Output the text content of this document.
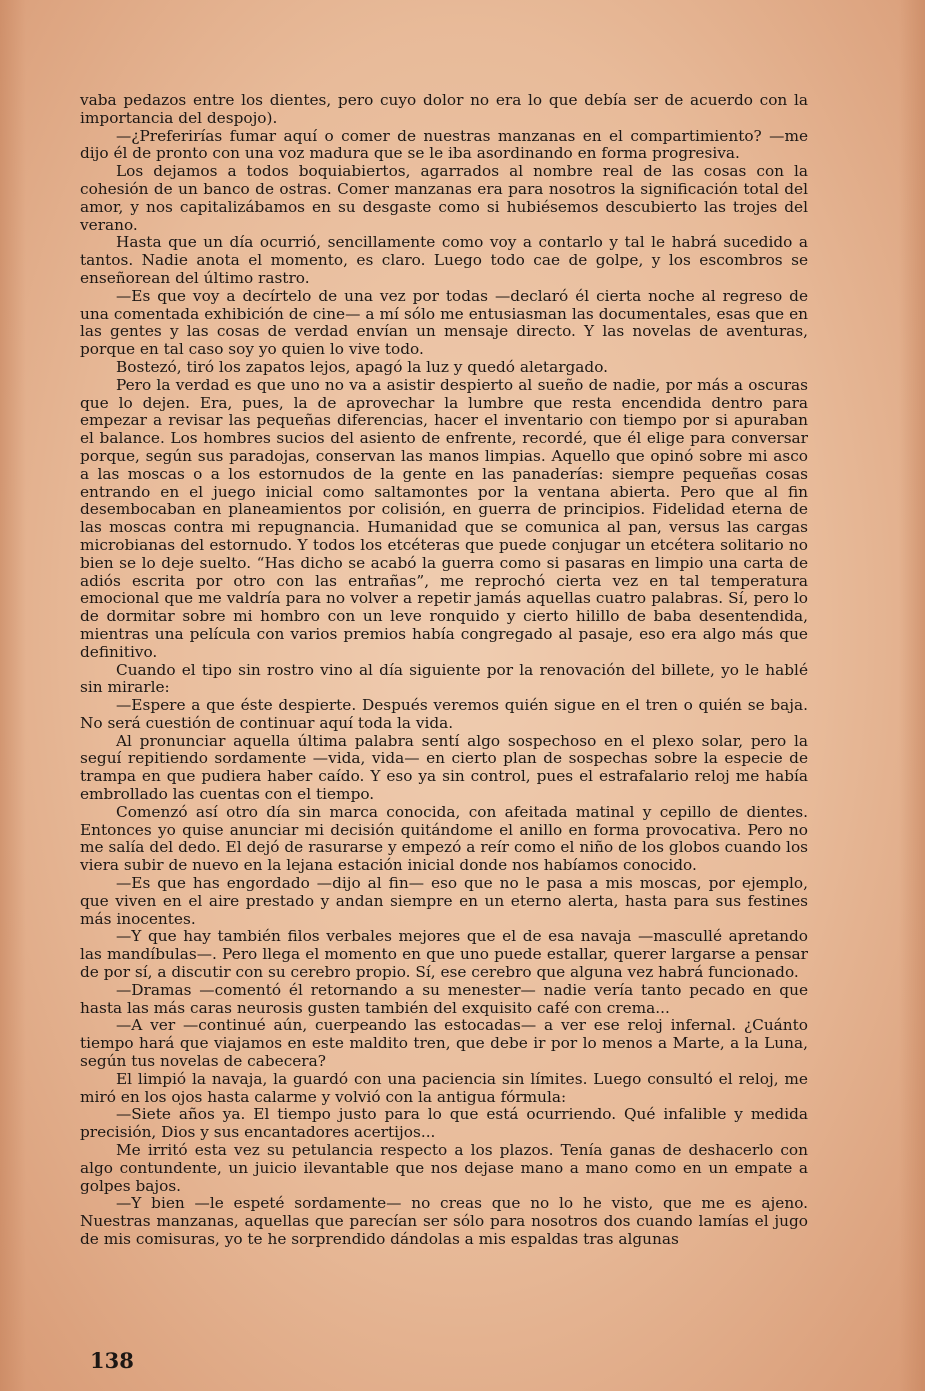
vaba pedazos entre los dientes, pero cuyo dolor no era lo que debía ser de acuerdo con la importancia del despojo).

—¿Preferirías fumar aquí o comer de nuestras manzanas en el compartimiento? —me dijo él de pronto con una voz madura que se le iba asordinando en forma progresiva.

Los dejamos a todos boquiabiertos, agarrados al nombre real de las cosas con la cohesión de un banco de ostras. Comer manzanas era para nosotros la significación total del amor, y nos capitalizábamos en su desgaste como si hubiésemos descubierto las trojes del verano.

Hasta que un día ocurrió, sencillamente como voy a contarlo y tal le habrá sucedido a tantos. Nadie anota el momento, es claro. Luego todo cae de golpe, y los escombros se enseñorean del último rastro.

—Es que voy a decírtelo de una vez por todas —declaró él cierta noche al regreso de una comentada exhibición de cine— a mí sólo me entusiasman las documentales, esas que en las gentes y las cosas de verdad envían un mensaje directo. Y las novelas de aventuras, porque en tal caso soy yo quien lo vive todo.

Bostezó, tiró los zapatos lejos, apagó la luz y quedó aletargado.

Pero la verdad es que uno no va a asistir despierto al sueño de nadie, por más a oscuras que lo dejen. Era, pues, la de aprovechar la lumbre que resta encendida dentro para empezar a revisar las pequeñas diferencias, hacer el inventario con tiempo por si apuraban el balance. Los hombres sucios del asiento de enfrente, recordé, que él elige para conversar porque, según sus paradojas, conservan las manos limpias. Aquello que opinó sobre mi asco a las moscas o a los estornudos de la gente en las panaderías: siempre pequeñas cosas entrando en el juego inicial como saltamontes por la ventana abierta. Pero que al fin desembocaban en planeamientos por colisión, en guerra de principios. Fidelidad eterna de las moscas contra mi repugnancia. Humanidad que se comunica al pan, versus las cargas microbianas del estornudo. Y todos los etcéteras que puede conjugar un etcétera solitario no bien se lo deje suelto. “Has dicho se acabó la guerra como si pasaras en limpio una carta de adiós escrita por otro con las entrañas”, me reprochó cierta vez en tal temperatura emocional que me valdría para no volver a repetir jamás aquellas cuatro palabras. Sí, pero lo de dormitar sobre mi hombro con un leve ronquido y cierto hilillo de baba desentendida, mientras una película con varios premios había congregado al pasaje, eso era algo más que definitivo.

Cuando el tipo sin rostro vino al día siguiente por la renovación del billete, yo le hablé sin mirarle:

—Espere a que éste despierte. Después veremos quién sigue en el tren o quién se baja. No será cuestión de continuar aquí toda la vida.

Al pronunciar aquella última palabra sentí algo sospechoso en el plexo solar, pero la seguí repitiendo sordamente —vida, vida— en cierto plan de sospechas sobre la especie de trampa en que pudiera haber caído. Y eso ya sin control, pues el estrafalario reloj me había embrollado las cuentas con el tiempo.

Comenzó así otro día sin marca conocida, con afeitada matinal y cepillo de dientes. Entonces yo quise anunciar mi decisión quitándome el anillo en forma provocativa. Pero no me salía del dedo. El dejó de rasurarse y empezó a reír como el niño de los globos cuando los viera subir de nuevo en la lejana estación inicial donde nos habíamos conocido.

—Es que has engordado —dijo al fin— eso que no le pasa a mis moscas, por ejemplo, que viven en el aire prestado y andan siempre en un eterno alerta, hasta para sus festines más inocentes.

—Y que hay también filos verbales mejores que el de esa navaja —mascullé apretando las mandíbulas—. Pero llega el momento en que uno puede estallar, querer largarse a pensar de por sí, a discutir con su cerebro propio. Sí, ese cerebro que alguna vez habrá funcionado.

—Dramas —comentó él retornando a su menester— nadie vería tanto pecado en que hasta las más caras neurosis gusten también del exquisito café con crema...

—A ver —continué aún, cuerpeando las estocadas— a ver ese reloj infernal. ¿Cuánto tiempo hará que viajamos en este maldito tren, que debe ir por lo menos a Marte, a la Luna, según tus novelas de cabecera?

El limpió la navaja, la guardó con una paciencia sin límites. Luego consultó el reloj, me miró en los ojos hasta calarme y volvió con la antigua fórmula:

—Siete años ya. El tiempo justo para lo que está ocurriendo. Qué infalible y medida precisión, Dios y sus encantadores acertijos...

Me irritó esta vez su petulancia respecto a los plazos. Tenía ganas de deshacerlo con algo contundente, un juicio ilevantable que nos dejase mano a mano como en un empate a golpes bajos.

—Y bien —le espeté sordamente— no creas que no lo he visto, que me es ajeno. Nuestras manzanas, aquellas que parecían ser sólo para nosotros dos cuando lamías el jugo de mis comisuras, yo te he sorprendido dándolas a mis espaldas tras algunas

138
